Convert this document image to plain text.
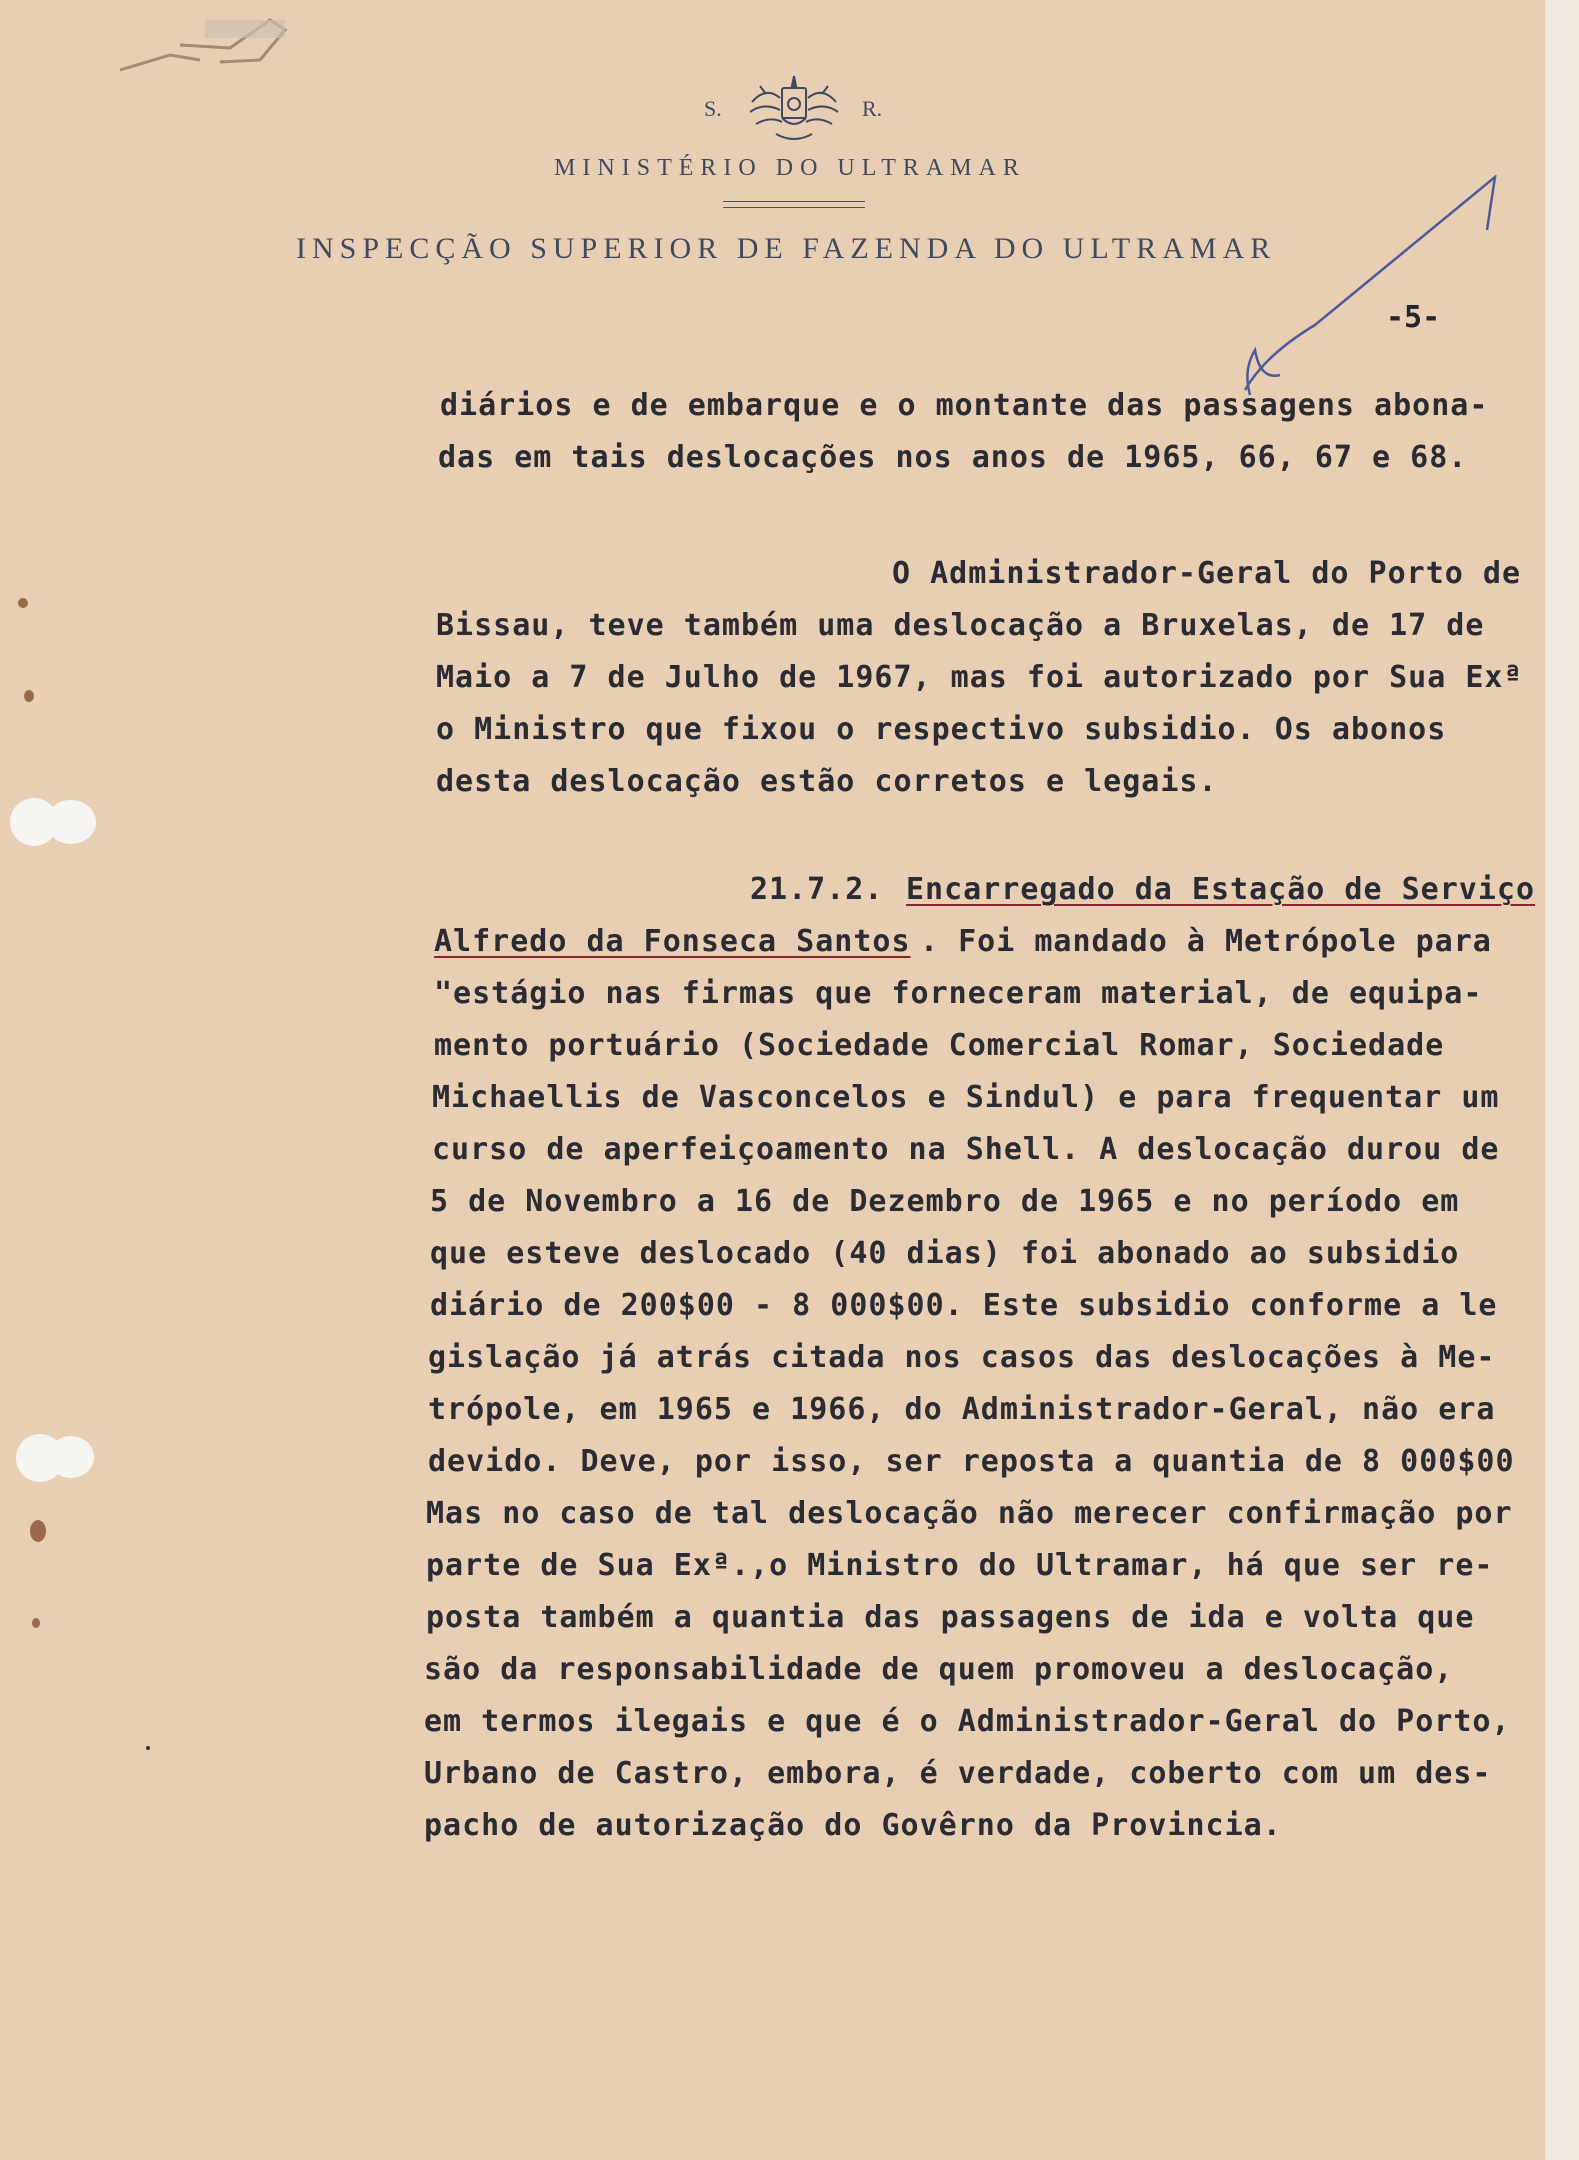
S.	R.
MINISTÉRIO DO ULTRAMAR
INSPECÇÃO SUPERIOR DE FAZENDA DO ULTRAMAR
-5-
diários e de embarque e o montante das passagens abona-
das em tais deslocações nos anos de 1965, 66, 67 e 68.
O Administrador-Geral do Porto de
Bissau, teve também uma deslocação a Bruxelas, de 17 de
Maio a 7 de Julho de 1967, mas foi autorizado por Sua Exª
o Ministro que fixou o respectivo subsidio. Os abonos
desta deslocação estão corretos e legais.
21.7.2. Encarregado da Estação de Serviço
Alfredo da Fonseca Santos . Foi mandado à Metrópole para
"estágio nas firmas que forneceram material, de equipa-
mento portuário (Sociedade Comercial Romar, Sociedade
Michaellis de Vasconcelos e Sindul) e para frequentar um
curso de aperfeiçoamento na Shell. A deslocação durou de
5 de Novembro a 16 de Dezembro de 1965 e no período em
que esteve deslocado (40 dias) foi abonado ao subsidio
diário de 200$00 - 8 000$00. Este subsidio conforme a le
gislação já atrás citada nos casos das deslocações à Me-
trópole, em 1965 e 1966, do Administrador-Geral, não era
devido. Deve, por isso, ser reposta a quantia de 8 000$00
Mas no caso de tal deslocação não merecer confirmação por
parte de Sua Exª.,o Ministro do Ultramar, há que ser re-
posta também a quantia das passagens de ida e volta que
são da responsabilidade de quem promoveu a deslocação,
em termos ilegais e que é o Administrador-Geral do Porto,
Urbano de Castro, embora, é verdade, coberto com um des-
pacho de autorização do Govêrno da Provincia.
